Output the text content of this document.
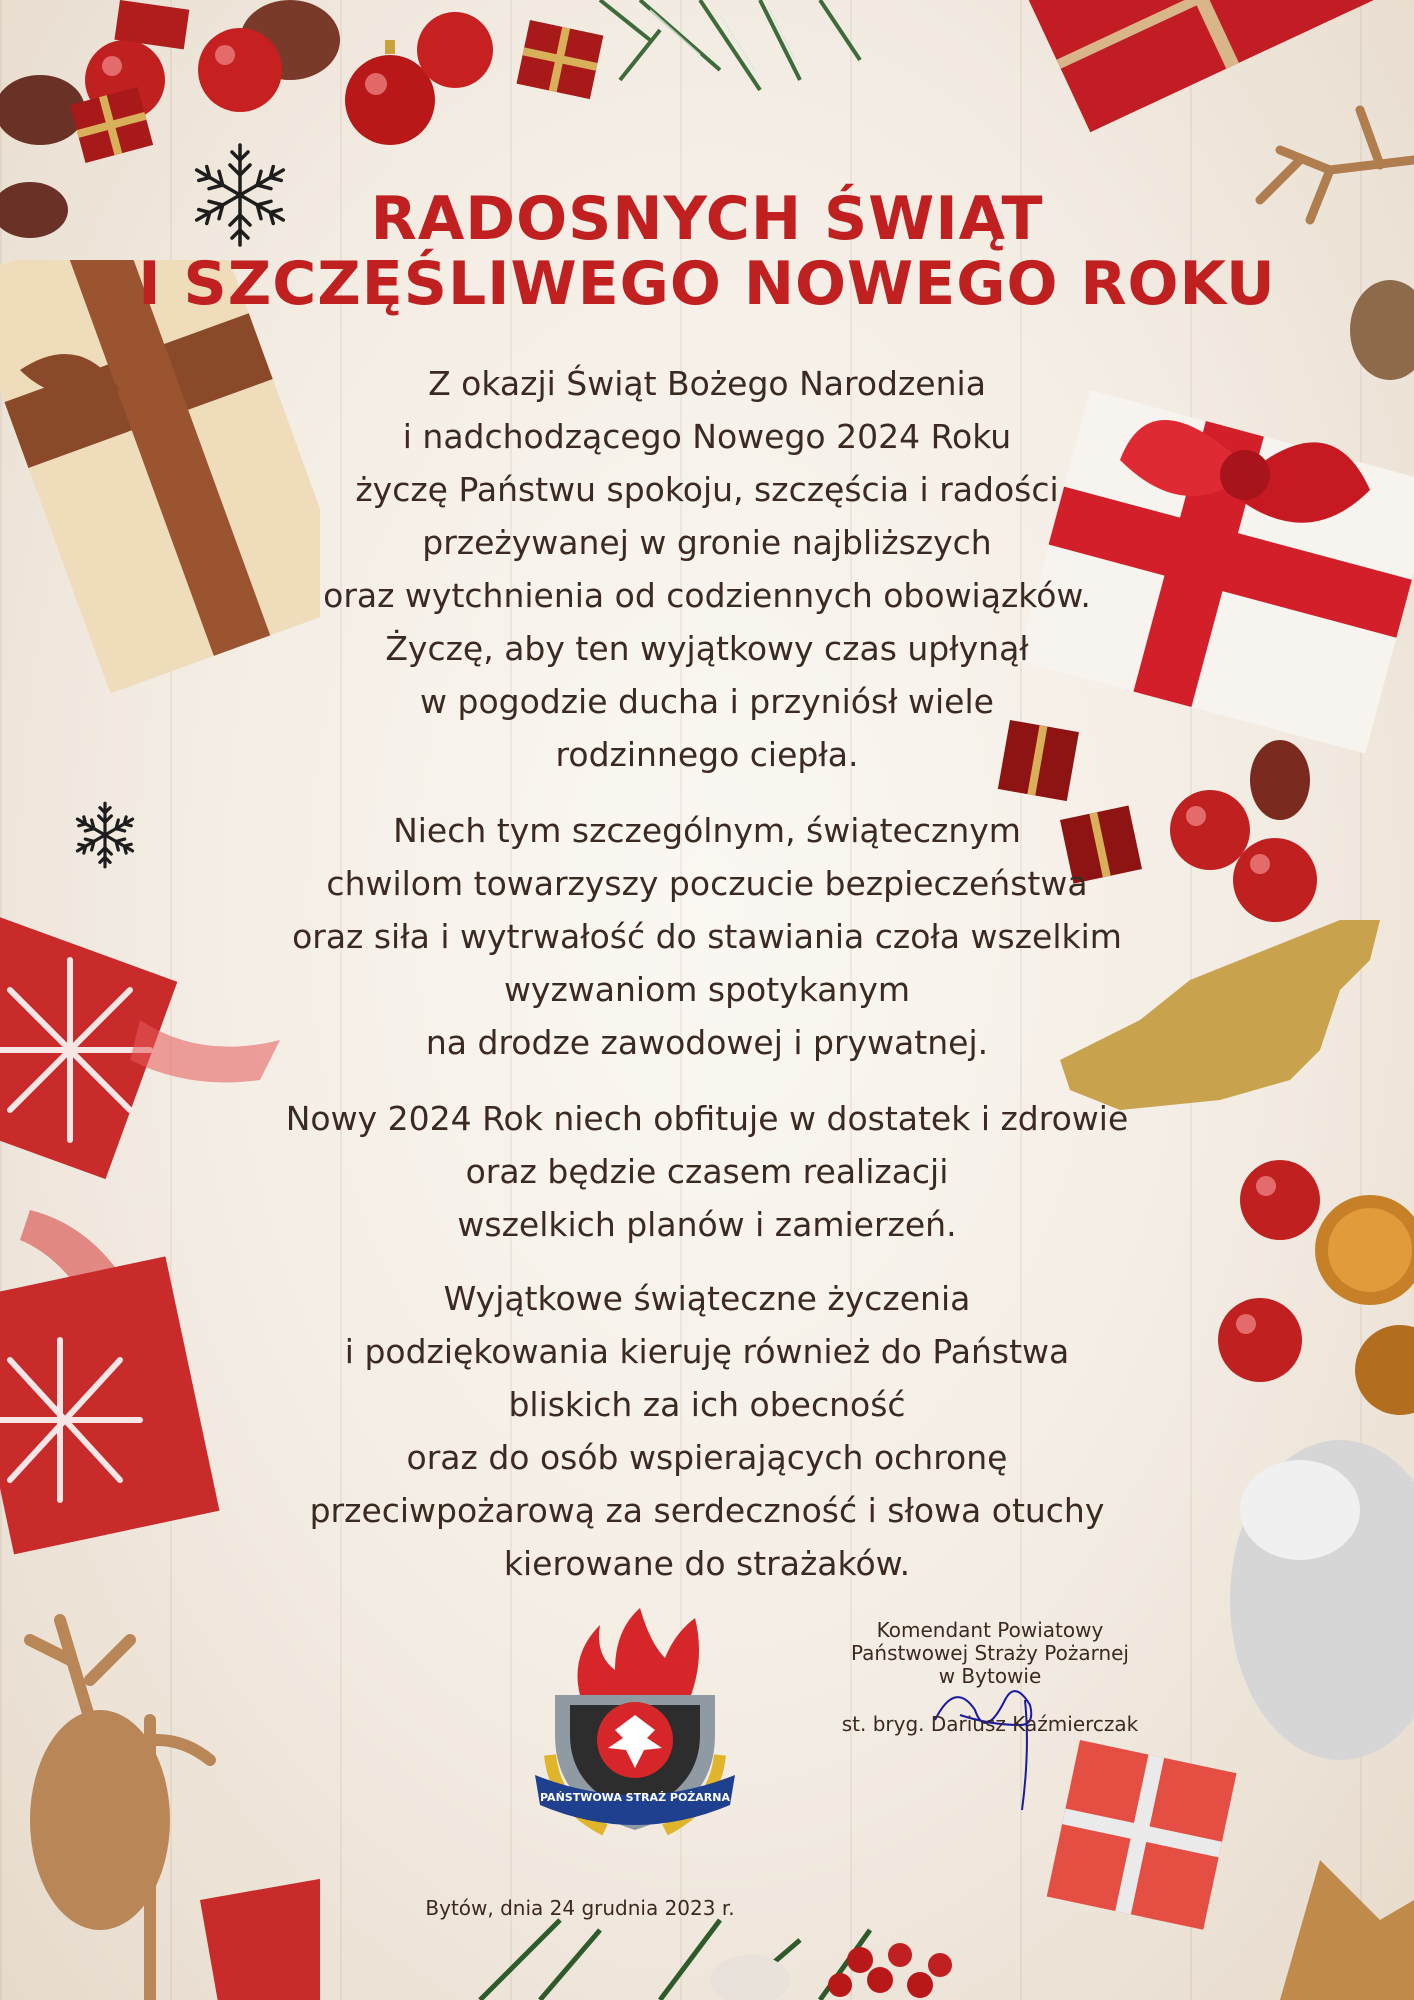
RADOSNYCH ŚWIĄT
I SZCZĘŚLIWEGO NOWEGO ROKU
Z okazji Świąt Bożego Narodzenia
i nadchodzącego Nowego 2024 Roku
życzę Państwu spokoju, szczęścia i radości
przeżywanej w gronie najbliższych
oraz wytchnienia od codziennych obowiązków.
Życzę, aby ten wyjątkowy czas upłynął
w pogodzie ducha i przyniósł wiele
rodzinnego ciepła.
Niech tym szczególnym, świątecznym
chwilom towarzyszy poczucie bezpieczeństwa
oraz siła i wytrwałość do stawiania czoła wszelkim
wyzwaniom spotykanym
na drodze zawodowej i prywatnej.
Nowy 2024 Rok niech obfituje w dostatek i zdrowie
oraz będzie czasem realizacji
wszelkich planów i zamierzeń.
Wyjątkowe świąteczne życzenia
i podziękowania kieruję również do Państwa
bliskich za ich obecność
oraz do osób wspierających ochronę
przeciwpożarową za serdeczność i słowa otuchy
kierowane do strażaków.
PAŃSTWOWA STRAŻ POŻARNA
Komendant Powiatowy
Państwowej Straży Pożarnej
w Bytowie
st. bryg. Dariusz Kaźmierczak
Bytów, dnia 24 grudnia 2023 r.
